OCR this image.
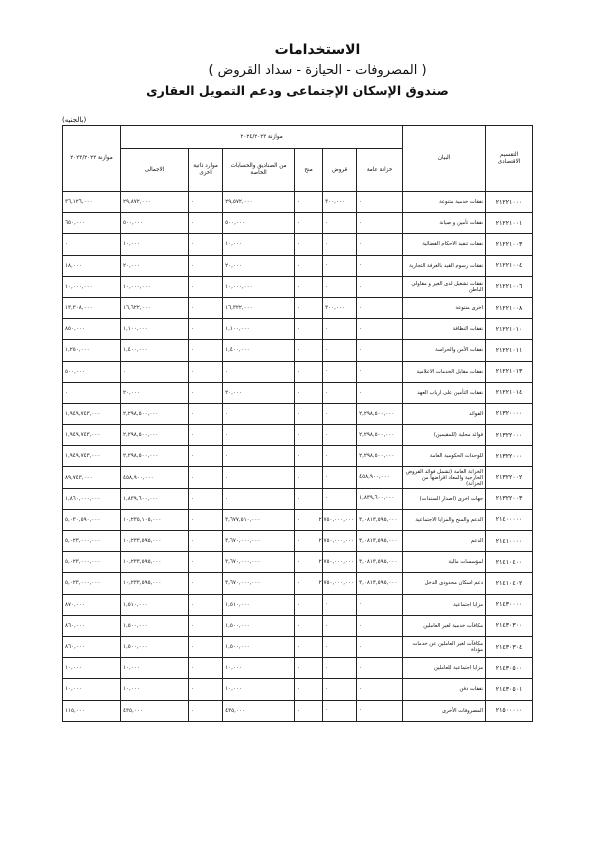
الاستخدامات
( المصروفات - الحيازة - سداد القروض )
صندوق الإسكان الإجتماعى ودعم التمويل العقارى
(بالجنيه)
التقسيم الاقتصادى	البيان	موازنة ٢٠٢٤/٢٠٢٣						موازنة ٢٠٢٣/٢٠٢٢
		خزانة عامة	قروض	منح	من الصناديق والحسابات الخاصة	موارد ذاتية اخرى	الاجمالى	
٢١٢٢١٠٠٠	نفقات خدمية متنوعة	٠	٣٠٠,٠٠٠	٠	٢٩,٥٧٢,٠٠٠	٠	٢٩,٨٧٢,٠٠٠	٣٦,١٢٦,٠٠٠
٢١٢٢١٠٠١	نفقات تأمين و صيانة	٠	٠	٠	٥٠٠,٠٠٠	٠	٥٠٠,٠٠٠	٦٥٠,٠٠٠
٢١٢٢١٠٠٣	نفقات تنفيذ الاحكام القضائية	٠	٠	٠	١٠,٠٠٠	٠	١٠,٠٠٠	٠
٢١٢٢١٠٠٤	نفقات رسوم القيد بالغرفة التجارية	٠	٠	٠	٢٠,٠٠٠	٠	٢٠,٠٠٠	١٨,٠٠٠
٢١٢٢١٠٠٦	نفقات تشغيل لدى الغير و مقاولي الباطن	٠	٠	٠	١٠,٠٠٠,٠٠٠	٠	١٠,٠٠٠,٠٠٠	١٠,٠٠٠,٠٠٠
٢١٢٢١٠٠٨	اخرى متنوعة	٠	٣٠٠,٠٠٠	٠	١٦,٣٢٢,٠٠٠	٠	١٦,٦٢٢,٠٠٠	١٣,٣٠٨,٠٠٠
٢١٢٢١٠١٠	نفقات النظافة	٠	٠	٠	١,١٠٠,٠٠٠	٠	١,١٠٠,٠٠٠	٨٥٠,٠٠٠
٢١٢٢١٠١١	نفقات الأمن والحراسة	٠	٠	٠	١,٤٠٠,٠٠٠	٠	١,٤٠٠,٠٠٠	١,٢٥٠,٠٠٠
٢١٢٢١٠١٣	نفقات مقابل الخدمات الاعلامية	٠	٠	٠	٠	٠	٠	٥٠٠,٠٠٠
٢١٢٢١٠١٤	نفقات التأمين على ارباب العهد	٠	٠	٠	٢٠,٠٠٠	٠	٢٠,٠٠٠	٠
٢١٣٢٠٠٠٠	الفوائد	٢,٢٩٨,٥٠٠,٠٠٠	٠	٠	٠	٠	٢,٢٩٨,٥٠٠,٠٠٠	١,٩٤٩,٧٤٣,٠٠٠
٢١٣٢٢٠٠٠	فوائد محلية (للمقيمين)	٢,٢٩٨,٥٠٠,٠٠٠	٠	٠	٠	٠	٢,٢٩٨,٥٠٠,٠٠٠	١,٩٤٩,٧٤٣,٠٠٠
٢١٣٢٢٠٠٠	للوحدات الحكومية العامة	٢,٢٩٨,٥٠٠,٠٠٠	٠	٠	٠	٠	٢,٢٩٨,٥٠٠,٠٠٠	١,٩٤٩,٧٤٣,٠٠٠
٢١٣٢٢٠٠٢	الخزانة العامة (تشمل فوائد القروض الخارجية والمعاد اقراضها من الخزانة)	٤٥٨,٩٠٠,٠٠٠	٠	٠	٠	٠	٤٥٨,٩٠٠,٠٠٠	٨٩,٧٤٣,٠٠٠
٢١٣٢٢٠٠٣	جهات اخرى (اصدار السندات)	١,٨٣٩,٦٠٠,٠٠٠	٠	٠	٠	٠	١,٨٣٩,٦٠٠,٠٠٠	١,٨٦٠,٠٠٠,٠٠٠
٢١٤٠٠٠٠٠	الدعم والمنح والمزايا الاجتماعية	٣,٠٨١٣,٥٩٥,٠٠٠	٢,٧٥٠,٠٠٠,٠٠٠	٠	٣,٦٧٧,٥١٠,٠٠٠	٠	١٠,٢٣٥,١٠٥,٠٠٠	٥,٠٣٠,٥٩٠,٠٠٠
٢١٤١٠٠٠٠	الدعم	٣,٠٨١٣,٥٩٥,٠٠٠	٢,٧٥٠,٠٠٠,٠٠٠	٠	٣,٦٧٠,٠٠٠,٠٠٠	٠	١٠,٢٣٣,٥٩٥,٠٠٠	٥,٠٢٣,٠٠٠,٠٠٠
٢١٤١٠٤٠٠	لمؤسسات مالية	٣,٠٨١٣,٥٩٥,٠٠٠	٢,٧٥٠,٠٠٠,٠٠٠	٠	٣,٦٧٠,٠٠٠,٠٠٠	٠	١٠,٢٣٣,٥٩٥,٠٠٠	٥,٠٢٣,٠٠٠,٠٠٠
٢١٤١٠٤٠٢	دعم اسكان محدودى الدخل	٣,٠٨١٣,٥٩٥,٠٠٠	٢,٧٥٠,٠٠٠,٠٠٠	٠	٣,٦٧٠,٠٠٠,٠٠٠	٠	١٠,٢٣٣,٥٩٥,٠٠٠	٥,٠٢٣,٠٠٠,٠٠٠
٢١٤٣٠٠٠٠	مزايا اجتماعية	٠	٠	٠	١,٥١٠,٠٠٠	٠	١,٥١٠,٠٠٠	٨٧٠,٠٠٠
٢١٤٣٠٣٠٠	مكافآت خدمية لغير العاملين	٠	٠	٠	١,٥٠٠,٠٠٠	٠	١,٥٠٠,٠٠٠	٨٦٠,٠٠٠
٢١٤٣٠٣٠٤	مكافآت لغير العاملين عن خدمات مؤداة	٠	٠	٠	١,٥٠٠,٠٠٠	٠	١,٥٠٠,٠٠٠	٨٦٠,٠٠٠
٢١٤٣٠٥٠٠	مزايا اجتماعية للعاملين	٠	٠	٠	١٠,٠٠٠	٠	١٠,٠٠٠	١٠,٠٠٠
٢١٤٣٠٥٠١	نفقات دفن	٠	٠	٠	١٠,٠٠٠	٠	١٠,٠٠٠	١٠,٠٠٠
٢١٥٠٠٠٠٠	المصروفات الأخرى	٠	٠	٠	٤٣٥,٠٠٠	٠	٤٣٥,٠٠٠	١١٥,٠٠٠
